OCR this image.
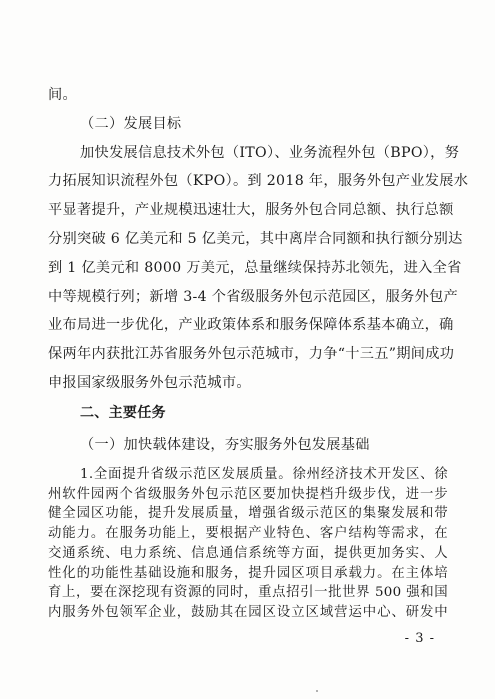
间。
（二）发展目标
加快发展信息技术外包（ITO）、业务流程外包（BPO），努
力拓展知识流程外包（KPO）。到 2018 年，服务外包产业发展水
平显著提升，产业规模迅速壮大，服务外包合同总额、执行总额
分别突破 6 亿美元和 5 亿美元，其中离岸合同额和执行额分别达
到 1 亿美元和 8000 万美元，总量继续保持苏北领先，进入全省
中等规模行列；新增 3-4 个省级服务外包示范园区，服务外包产
业布局进一步优化，产业政策体系和服务保障体系基本确立，确
保两年内获批江苏省服务外包示范城市，力争“十三五”期间成功
申报国家级服务外包示范城市。
二、主要任务
（一）加快载体建设，夯实服务外包发展基础
1.全面提升省级示范区发展质量。徐州经济技术开发区、徐
州软件园两个省级服务外包示范区要加快提档升级步伐，进一步
健全园区功能，提升发展质量，增强省级示范区的集聚发展和带
动能力。在服务功能上，要根据产业特色、客户结构等需求，在
交通系统、电力系统、信息通信系统等方面，提供更加务实、人
性化的功能性基础设施和服务，提升园区项目承载力。在主体培
育上，要在深挖现有资源的同时，重点招引一批世界 500 强和国
内服务外包领军企业，鼓励其在园区设立区域营运中心、研发中
- 3 -
